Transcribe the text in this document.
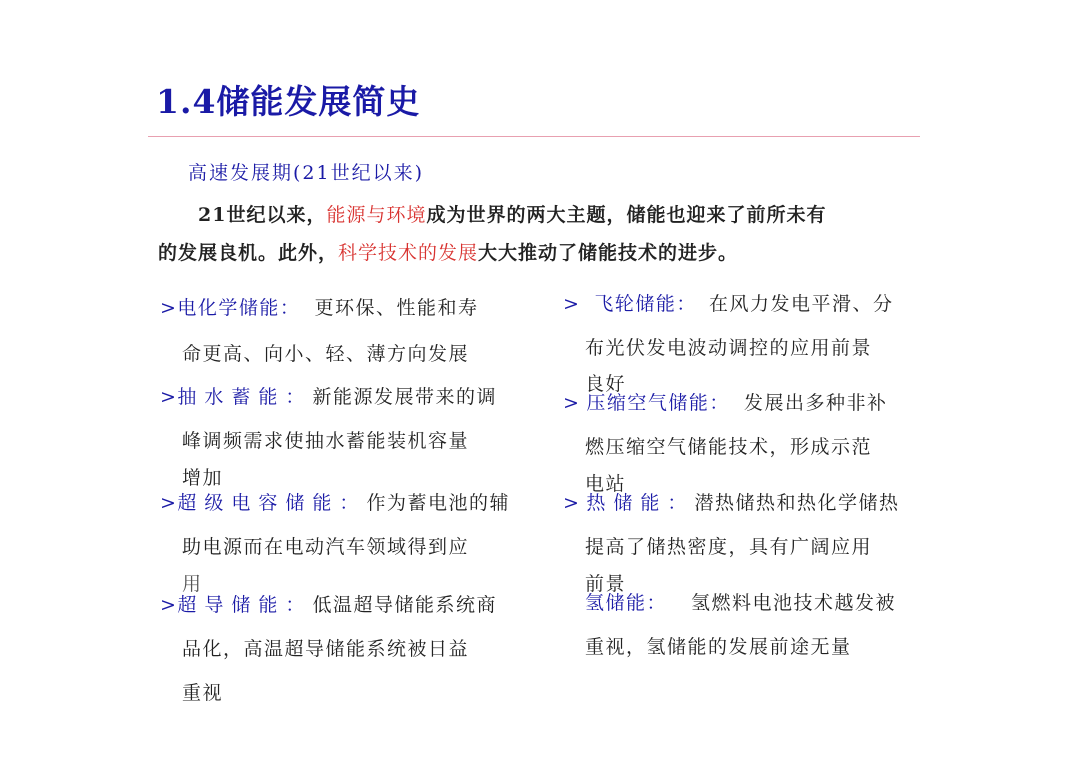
1.4储能发展简史
高速发展期(21世纪以来)
21世纪以来，能源与环境成为世界的两大主题，储能也迎来了前所未有
的发展良机。此外，科学技术的发展大大推动了储能技术的进步。
>电化学储能： 更环保、性能和寿
命更高、向小、轻、薄方向发展
>抽水蓄能：新能源发展带来的调
峰调频需求使抽水蓄能装机容量
增加
>超级电容储能：作为蓄电池的辅
助电源而在电动汽车领域得到应
用
>超导储能：低温超导储能系统商
品化，高温超导储能系统被日益
重视
> 飞轮储能： 在风力发电平滑、分
布光伏发电波动调控的应用前景
良好
> 压缩空气储能： 发展出多种非补
燃压缩空气储能技术，形成示范
电站
> 热储能：潜热储热和热化学储热
提高了储热密度，具有广阔应用
前景
氢储能： 氢燃料电池技术越发被
重视，氢储能的发展前途无量
